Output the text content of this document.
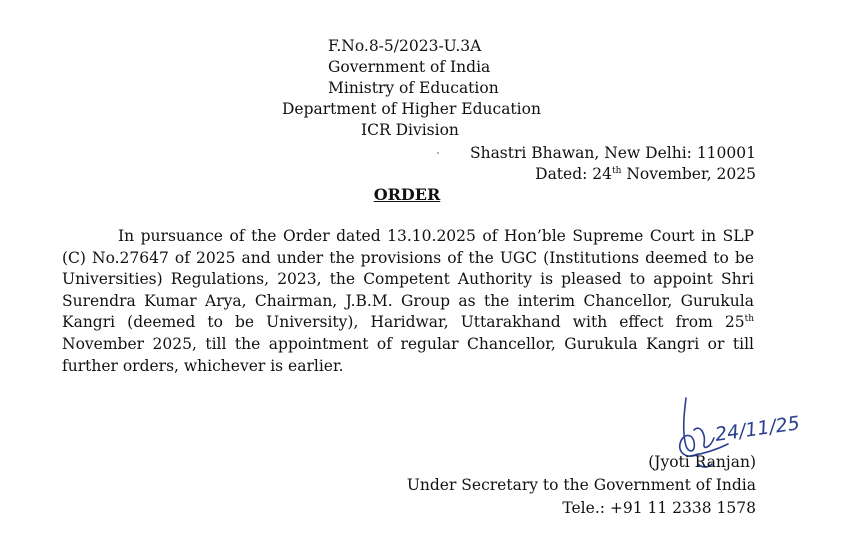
F.No.8-5/2023-U.3A
Government of India
Ministry of Education
Department of Higher Education
ICR Division
Shastri Bhawan, New Delhi: 110001
Dated: 24th November, 2025
ORDER
In pursuance of the Order dated 13.10.2025 of Hon’ble Supreme Court in SLP (C) No.27647 of 2025 and under the provisions of the UGC (Institutions deemed to be Universities) Regulations, 2023, the Competent Authority is pleased to appoint Shri Surendra Kumar Arya, Chairman, J.B.M. Group as the interim Chancellor, Gurukula Kangri (deemed to be University), Haridwar, Uttarakhand with effect from 25th November 2025, till the appointment of regular Chancellor, Gurukula Kangri or till further orders, whichever is earlier.
24/11/25
(Jyoti Ranjan)
Under Secretary to the Government of India
Tele.: +91 11 2338 1578
